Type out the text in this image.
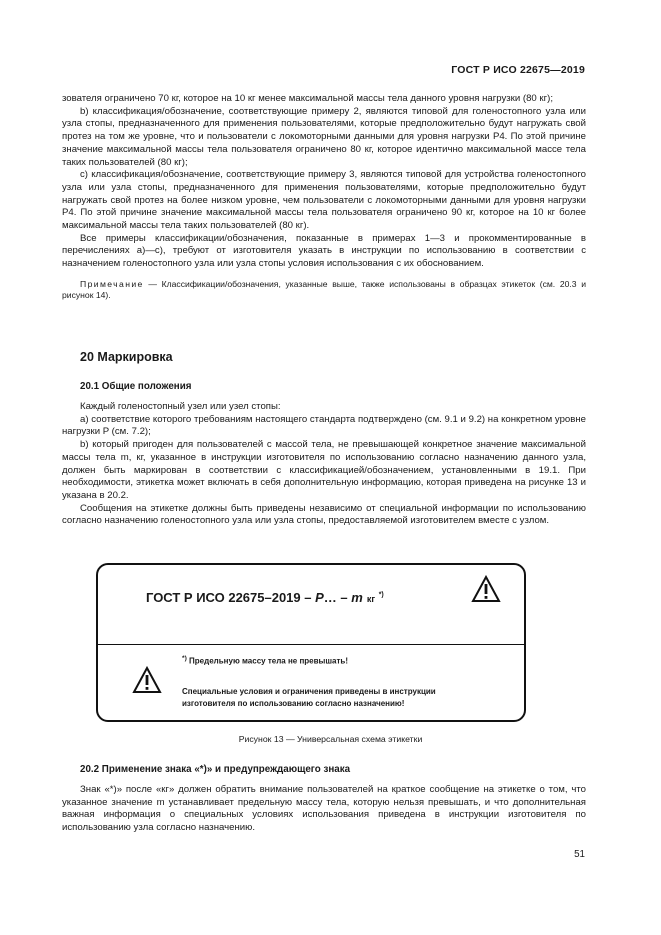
ГОСТ Р ИСО 22675—2019

зователя ограничено 70 кг, которое на 10 кг менее максимальной массы тела данного уровня нагрузки (80 кг);

b) классификация/обозначение, соответствующие примеру 2, являются типовой для голеностопного узла или узла стопы, предназначенного для применения пользователями, которые предположительно будут нагружать свой протез на том же уровне, что и пользователи с локомоторными данными для уровня нагрузки P4. По этой причине значение максимальной массы тела пользователя ограничено 80 кг, которое идентично максимальной массе тела таких пользователей (80 кг);

c) классификация/обозначение, соответствующие примеру 3, являются типовой для устройства голеностопного узла или узла стопы, предназначенного для применения пользователями, которые предположительно будут нагружать свой протез на более низком уровне, чем пользователи с локомоторными данными для уровня нагрузки P4. По этой причине значение максимальной массы тела пользователя ограничено 90 кг, которое на 10 кг более максимальной массы тела таких пользователей (80 кг).

Все примеры классификации/обозначения, показанные в примерах 1—3 и прокомментированные в перечислениях a)—c), требуют от изготовителя указать в инструкции по использованию в соответствии с назначением голеностопного узла или узла стопы условия использования с их обоснованием.

Примечание — Классификации/обозначения, указанные выше, также использованы в образцах этикеток (см. 20.3 и рисунок 14).

20 Маркировка
20.1 Общие положения

Каждый голеностопный узел или узел стопы:

a) соответствие которого требованиям настоящего стандарта подтверждено (см. 9.1 и 9.2) на конкретном уровне нагрузки P (см. 7.2);

b) который пригоден для пользователей с массой тела, не превышающей конкретное значение максимальной массы тела m, кг, указанное в инструкции изготовителя по использованию согласно назначению данного узла, должен быть маркирован в соответствии с классификацией/обозначением, установленными в 19.1. При необходимости, этикетка может включать в себя дополнительную информацию, которая приведена на рисунке 13 и указана в 20.2.

Сообщения на этикетке должны быть приведены независимо от специальной информации по использованию согласно назначению голеностопного узла или узла стопы, предоставляемой изготовителем вместе с узлом.

ГОСТ Р ИСО 22675–2019 – P… – m кг *)
*) Предельную массу тела не превышать!
Специальные условия и ограничения приведены в инструкции
изготовителя по использованию согласно назначению!
Рисунок 13 — Универсальная схема этикетки
20.2 Применение знака «*)» и предупреждающего знака

Знак «*)» после «кг» должен обратить внимание пользователей на краткое сообщение на этикетке о том, что указанное значение m устанавливает предельную массу тела, которую нельзя превышать, и что дополнительная важная информация о специальных условиях использования приведена в инструкции изготовителя по использованию узла согласно назначению.

51
